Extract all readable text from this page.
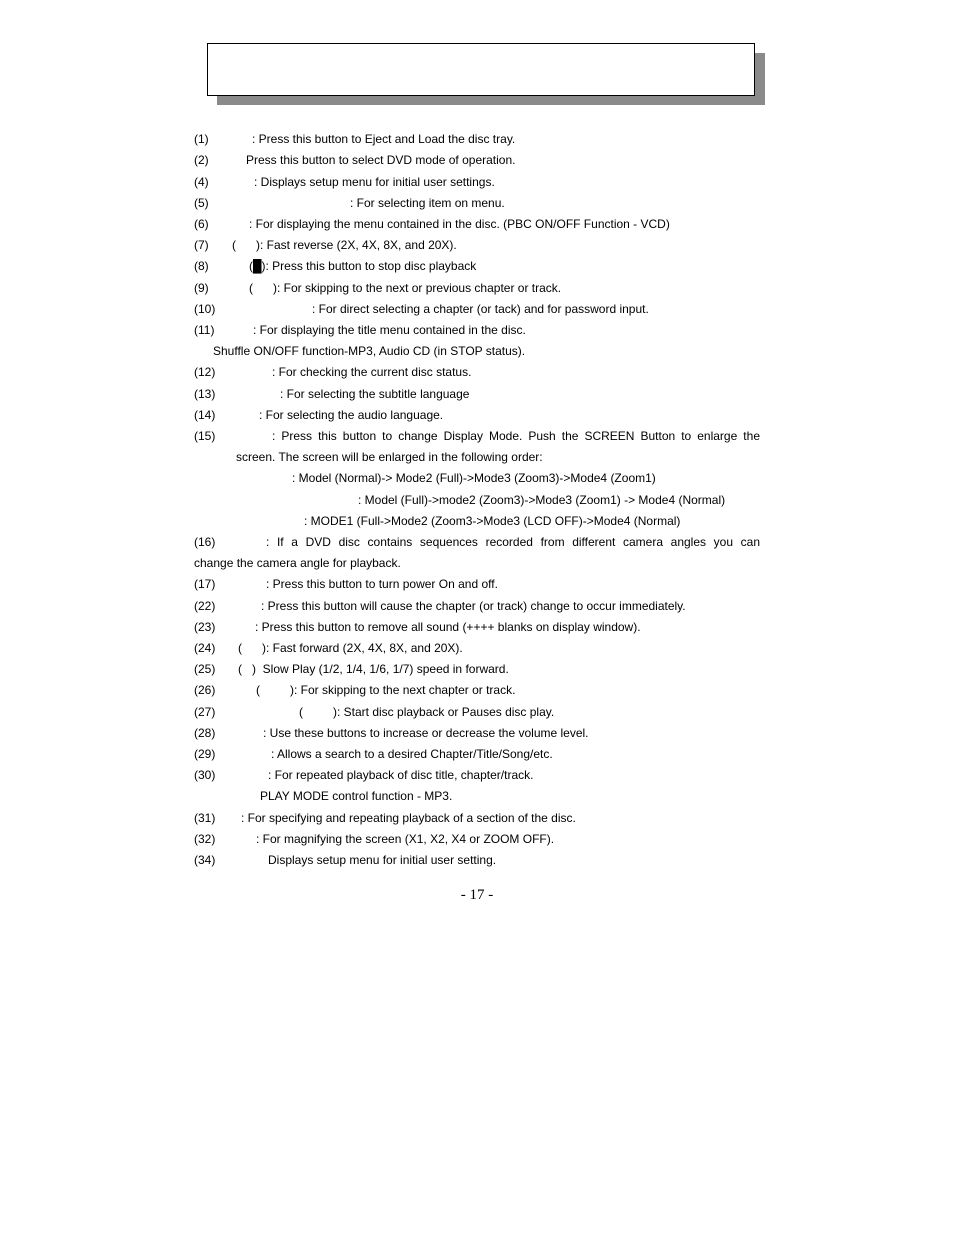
(1)	: Press this button to Eject and Load the disc tray.
(2)	Press this button to select DVD mode of operation.
(4)	: Displays setup menu for initial user settings.
(5)	: For selecting item on menu.
(6)	: For displaying the menu contained in the disc. (PBC ON/OFF Function - VCD)
(7) (      ): Fast reverse (2X, 4X, 8X, and 20X).
(8)	(█): Press this button to stop disc playback
(9)	(      ): For skipping to the next or previous chapter or track.
(10)	: For direct selecting a chapter (or tack) and for password input.
(11)	: For displaying the title menu contained in the disc.
Shuffle ON/OFF function-MP3, Audio CD (in STOP status).
(12)	: For checking the current disc status.
(13)	: For selecting the subtitle language
(14)	: For selecting the audio language.
(15)	: Press this button to change Display Mode. Push the SCREEN Button to enlarge the
screen. The screen will be enlarged in the following order:
: Model (Normal)-> Mode2 (Full)->Mode3 (Zoom3)->Mode4 (Zoom1)
: Model (Full)->mode2 (Zoom3)->Mode3 (Zoom1) -> Mode4 (Normal)
: MODE1 (Full->Mode2 (Zoom3->Mode3 (LCD OFF)->Mode4 (Normal)
(16)	: If a DVD disc contains sequences recorded from different camera angles you can
change the camera angle for playback.
(17)	: Press this button to turn power On and off.
(22)	: Press this button will cause the chapter (or track) change to occur immediately.
(23)	: Press this button to remove all sound (++++ blanks on display window).
(24) (      ): Fast forward (2X, 4X, 8X, and 20X).
(25) (   )  Slow Play (1/2, 1/4, 1/6, 1/7) speed in forward.
(26)	(         ): For skipping to the next chapter or track.
(27)	(         ): Start disc playback or Pauses disc play.
(28)	: Use these buttons to increase or decrease the volume level.
(29)	: Allows a search to a desired Chapter/Title/Song/etc.
(30)	: For repeated playback of disc title, chapter/track.
PLAY MODE control function - MP3.
(31) : For specifying and repeating playback of a section of the disc.
(32)	: For magnifying the screen (X1, X2, X4 or ZOOM OFF).
(34)	Displays setup menu for initial user setting.
- 17 -
